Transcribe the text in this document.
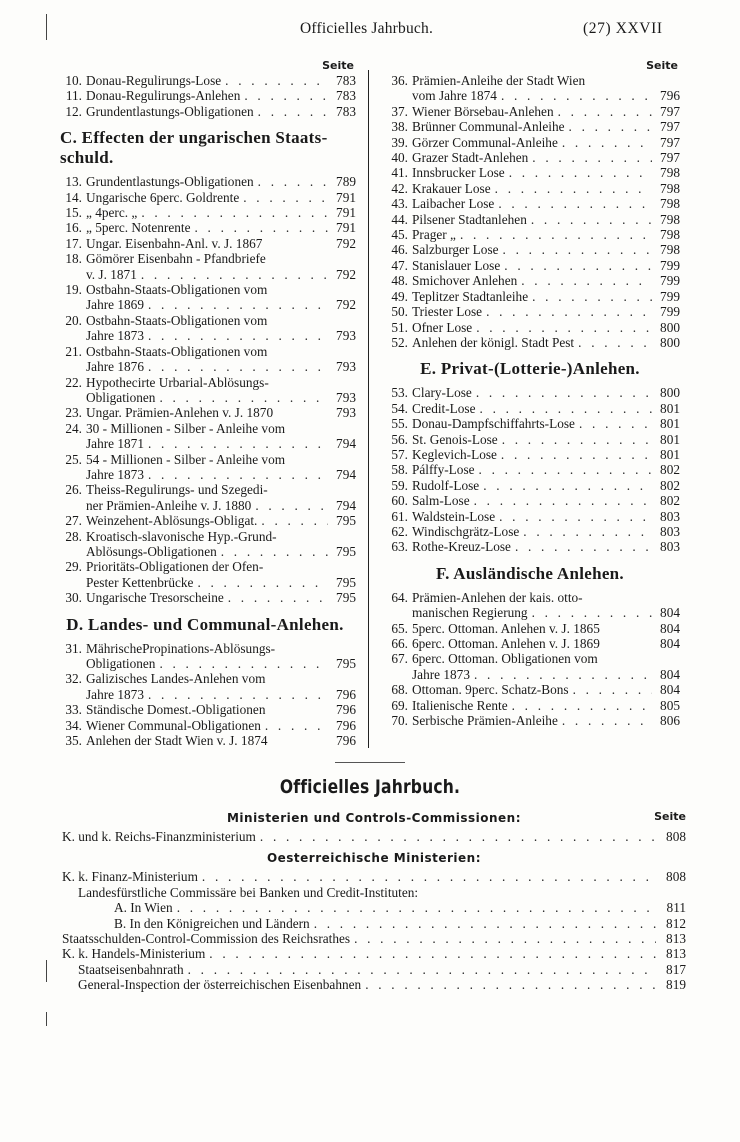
Officielles Jahrbuch.	(27) XXVII
Seite
10. Donau-Regulirungs-Lose . . .	783
11. Donau-Regulirungs-Anlehen . . .	783
12. Grundentlastungs-Obligationen . . .	783
C. Effecten der ungarischen Staats-schuld.
13. Grundentlastungs-Obligationen . . .	789
14. Ungarische 6perc. Goldrente . . .	791
15. „ 4perc. „ . . .	791
16. „ 5perc. Notenrente . . .	791
17. Ungar. Eisenbahn-Anl. v. J. 1867	792
18. Gömörer Eisenbahn - Pfandbriefe
v. J. 1871 . . .	792
19. Ostbahn-Staats-Obligationen vom
Jahre 1869 . . .	792
20. Ostbahn-Staats-Obligationen vom
Jahre 1873 . . .	793
21. Ostbahn-Staats-Obligationen vom
Jahre 1876 . . .	793
22. Hypothecirte Urbarial-Ablösungs-
Obligationen . . .	793
23. Ungar. Prämien-Anlehen v. J. 1870	793
24. 30 - Millionen - Silber - Anleihe vom
Jahre 1871 . . .	794
25. 54 - Millionen - Silber - Anleihe vom
Jahre 1873 . . .	794
26. Theiss-Regulirungs- und Szegedi-
ner Prämien-Anleihe v. J. 1880 . . .	794
27. Weinzehent-Ablösungs-Obligat. . . .	795
28. Kroatisch-slavonische Hyp.-Grund-
Ablösungs-Obligationen . . .	795
29. Prioritäts-Obligationen der Ofen-
Pester Kettenbrücke . . .	795
30. Ungarische Tresorscheine . . .	795
D. Landes- und Communal-Anlehen.
31. MährischePropinations-Ablösungs-
Obligationen . . .	795
32. Galizisches Landes-Anlehen vom
Jahre 1873 . . .	796
33. Ständische Domest.-Obligationen	796
34. Wiener Communal-Obligationen . . .	796
35. Anlehen der Stadt Wien v. J. 1874	796
Seite
36. Prämien-Anleihe der Stadt Wien
vom Jahre 1874 . . .	796
37. Wiener Börsebau-Anlehen . . .	797
38. Brünner Communal-Anleihe . . .	797
39. Görzer Communal-Anleihe . . .	797
40. Grazer Stadt-Anlehen . . .	797
41. Innsbrucker Lose . . .	798
42. Krakauer Lose . . .	798
43. Laibacher Lose . . .	798
44. Pilsener Stadtanlehen . . .	798
45. Prager „ . . .	798
46. Salzburger Lose . . .	798
47. Stanislauer Lose . . .	799
48. Smichover Anlehen . . .	799
49. Teplitzer Stadtanleihe . . .	799
50. Triester Lose . . .	799
51. Ofner Lose . . .	800
52. Anlehen der königl. Stadt Pest . . .	800
E. Privat-(Lotterie-)Anlehen.
53. Clary-Lose . . .	800
54. Credit-Lose . . .	801
55. Donau-Dampfschiffahrts-Lose . . .	801
56. St. Genois-Lose . . .	801
57. Keglevich-Lose . . .	801
58. Pálffy-Lose . . .	802
59. Rudolf-Lose . . .	802
60. Salm-Lose . . .	802
61. Waldstein-Lose . . .	803
62. Windischgrätz-Lose . . .	803
63. Rothe-Kreuz-Lose . . .	803
F. Ausländische Anlehen.
64. Prämien-Anlehen der kais. otto-
manischen Regierung . . .	804
65. 5perc. Ottoman. Anlehen v. J. 1865	804
66. 6perc. Ottoman. Anlehen v. J. 1869	804
67. 6perc. Ottoman. Obligationen vom
Jahre 1873 . . .	804
68. Ottoman. 9perc. Schatz-Bons . . .	804
69. Italienische Rente . . .	805
70. Serbische Prämien-Anleihe . . .	806
Officielles Jahrbuch.
Ministerien und Controls-Commissionen:	Seite
K. und k. Reichs-Finanzministerium . . .	808
Oesterreichische Ministerien:
K. k. Finanz-Ministerium . . .	808
Landesfürstliche Commissäre bei Banken und Credit-Instituten:
A. In Wien . . .	811
B. In den Königreichen und Ländern . . .	812
Staatsschulden-Control-Commission des Reichsrathes . . .	813
K. k. Handels-Ministerium . . .	813
Staatseisenbahnrath . . .	817
General-Inspection der österreichischen Eisenbahnen . . .	819
